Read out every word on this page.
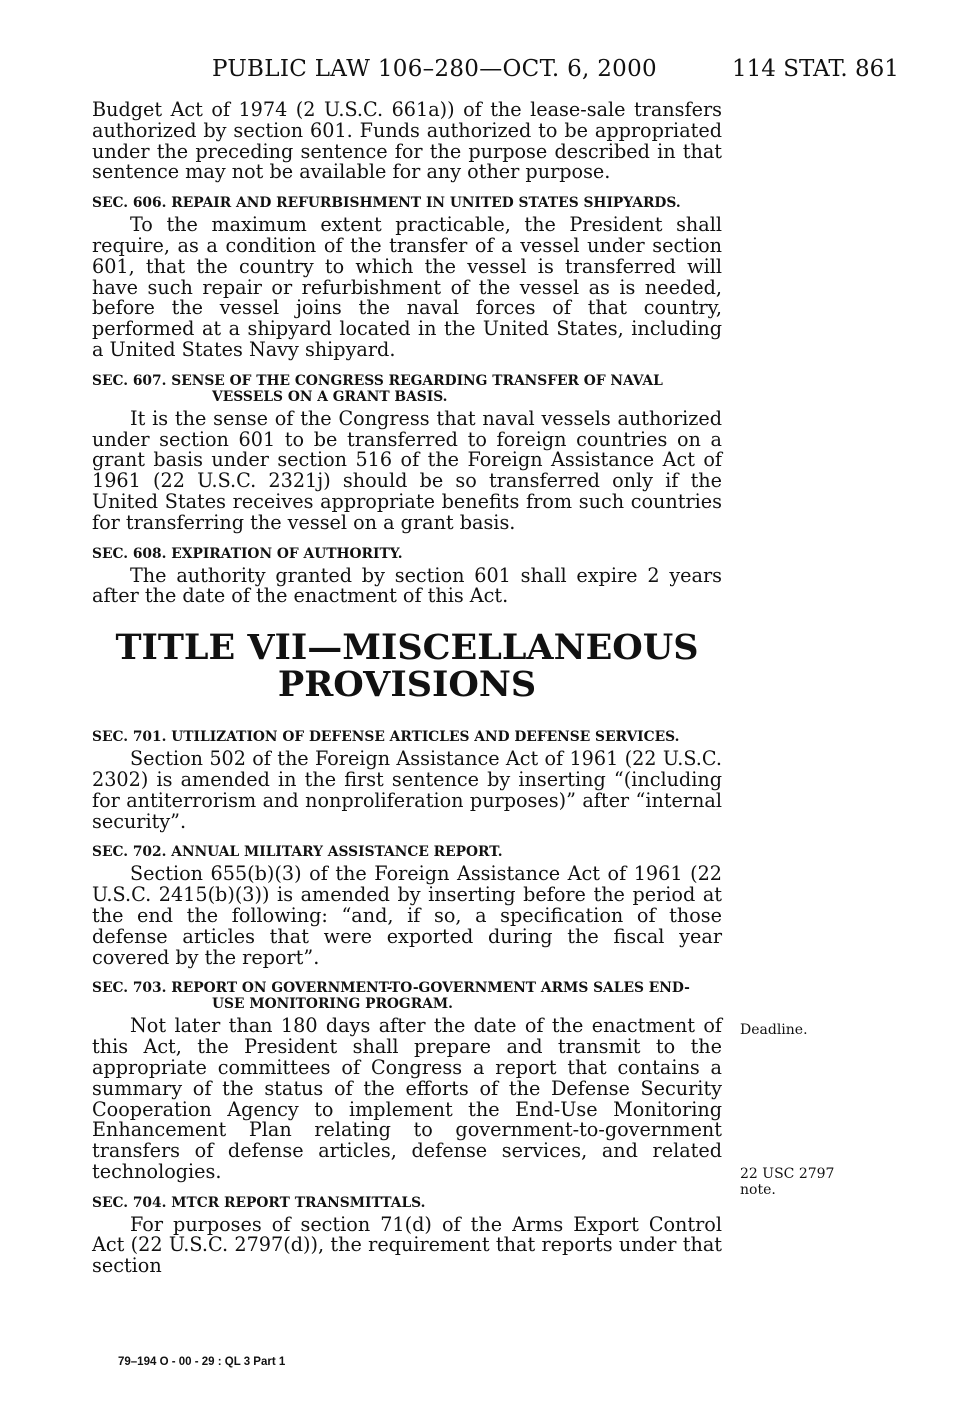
PUBLIC LAW 106–280—OCT. 6, 2000	114 STAT. 861

Budget Act of 1974 (2 U.S.C. 661a)) of the lease-sale transfers authorized by section 601. Funds authorized to be appropriated under the preceding sentence for the purpose described in that sentence may not be available for any other purpose.

SEC. 606. REPAIR AND REFURBISHMENT IN UNITED STATES SHIPYARDS.

To the maximum extent practicable, the President shall require, as a condition of the transfer of a vessel under section 601, that the country to which the vessel is transferred will have such repair or refurbishment of the vessel as is needed, before the vessel joins the naval forces of that country, performed at a shipyard located in the United States, including a United States Navy shipyard.

SEC. 607. SENSE OF THE CONGRESS REGARDING TRANSFER OF NAVAL VESSELS ON A GRANT BASIS.

It is the sense of the Congress that naval vessels authorized under section 601 to be transferred to foreign countries on a grant basis under section 516 of the Foreign Assistance Act of 1961 (22 U.S.C. 2321j) should be so transferred only if the United States receives appropriate benefits from such countries for transferring the vessel on a grant basis.

SEC. 608. EXPIRATION OF AUTHORITY.

The authority granted by section 601 shall expire 2 years after the date of the enactment of this Act.

TITLE VII—MISCELLANEOUS
PROVISIONS
SEC. 701. UTILIZATION OF DEFENSE ARTICLES AND DEFENSE SERVICES.

Section 502 of the Foreign Assistance Act of 1961 (22 U.S.C. 2302) is amended in the first sentence by inserting “(including for antiterrorism and nonproliferation purposes)” after “internal security”.

SEC. 702. ANNUAL MILITARY ASSISTANCE REPORT.

Section 655(b)(3) of the Foreign Assistance Act of 1961 (22 U.S.C. 2415(b)(3)) is amended by inserting before the period at the end the following: “and, if so, a specification of those defense articles that were exported during the fiscal year covered by the report”.

SEC. 703. REPORT ON GOVERNMENT-TO-GOVERNMENT ARMS SALES END-USE MONITORING PROGRAM.

Not later than 180 days after the date of the enactment of this Act, the President shall prepare and transmit to the appropriate committees of Congress a report that contains a summary of the status of the efforts of the Defense Security Cooperation Agency to implement the End-Use Monitoring Enhancement Plan relating to government-to-government transfers of defense articles, defense services, and related technologies.

SEC. 704. MTCR REPORT TRANSMITTALS.

For purposes of section 71(d) of the Arms Export Control Act (22 U.S.C. 2797(d)), the requirement that reports under that section

Deadline.
22 USC 2797
note.
79–194 O - 00 - 29 : QL 3 Part 1
